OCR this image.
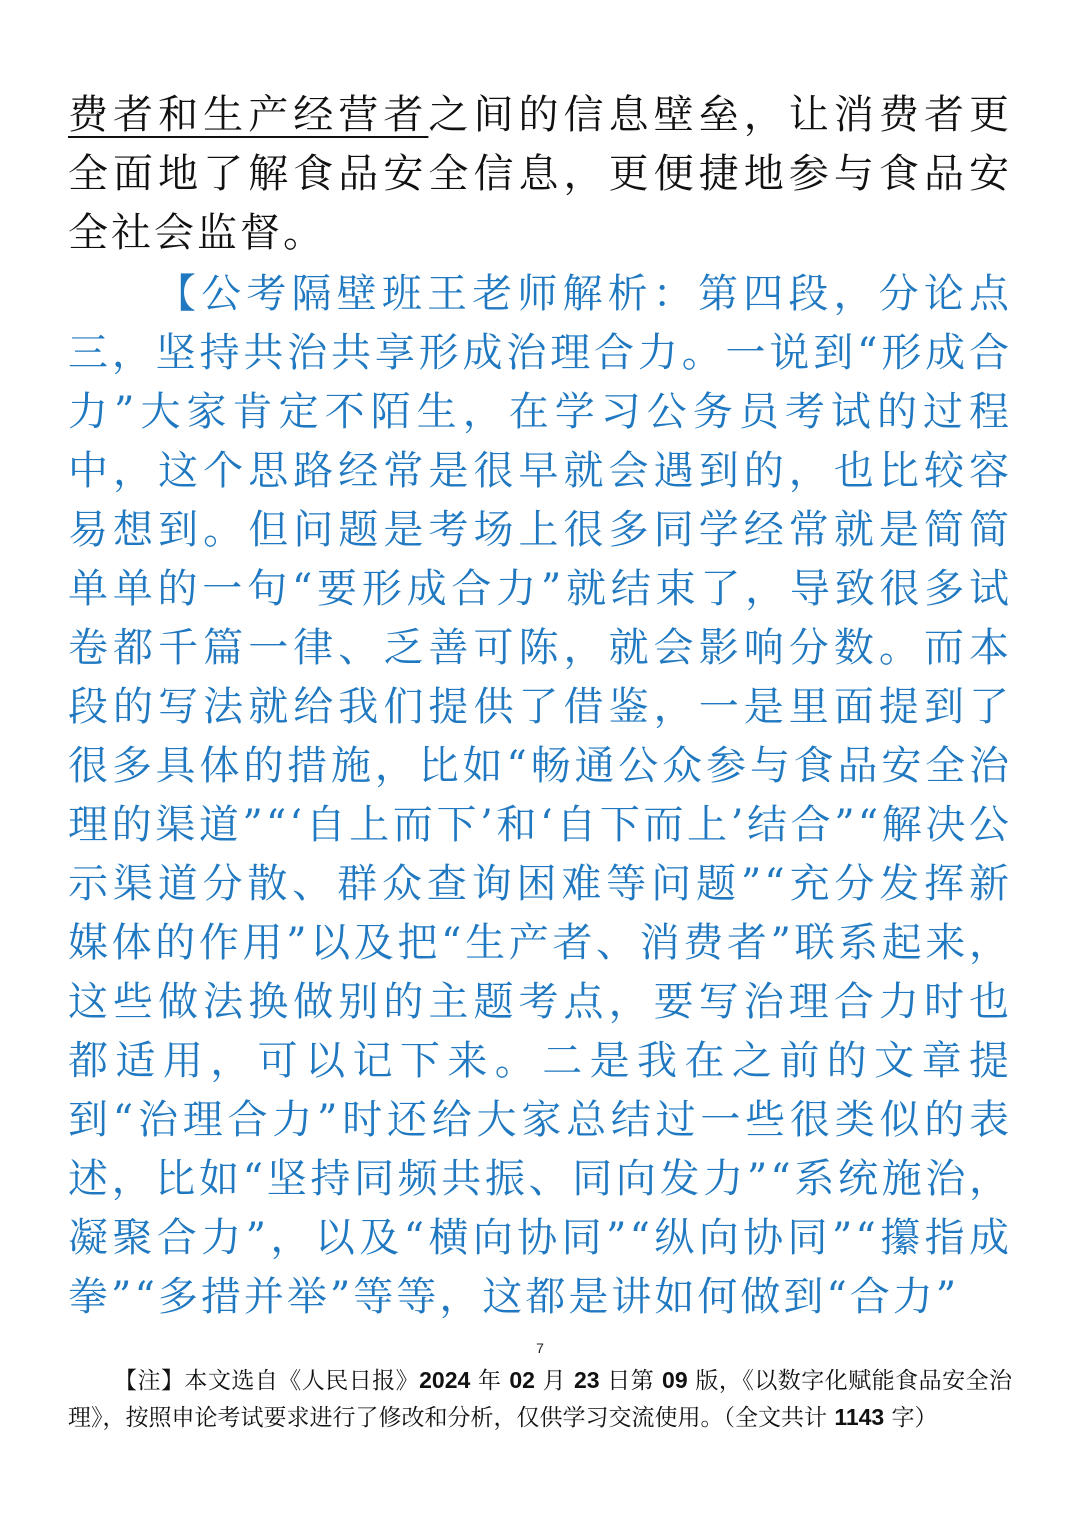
费者和生产经营者之间的信息壁垒，让消费者更全面地了解食品安全信息，更便捷地参与食品安全社会监督。

【公考隔壁班王老师解析：第四段，分论点三，坚持共治共享形成治理合力。一说到“形成合力”大家肯定不陌生，在学习公务员考试的过程中，这个思路经常是很早就会遇到的，也比较容易想到。但问题是考场上很多同学经常就是简简单单的一句“要形成合力”就结束了，导致很多试卷都千篇一律、乏善可陈，就会影响分数。而本段的写法就给我们提供了借鉴，一是里面提到了很多具体的措施，比如“畅通公众参与食品安全治理的渠道”“‘自上而下’和‘自下而上’结合”“解决公示渠道分散、群众查询困难等问题”“充分发挥新媒体的作用”以及把“生产者、消费者”联系起来，这些做法换做别的主题考点，要写治理合力时也都适用，可以记下来。二是我在之前的文章提到“治理合力”时还给大家总结过一些很类似的表述，比如“坚持同频共振、同向发力”“系统施治，凝聚合力”，以及“横向协同”“纵向协同”“攥指成拳”“多措并举”等等，这都是讲如何做到“合力”

7

【注】本文选自《人民日报》2024 年 02 月 23 日第 09 版，《以数字化赋能食品安全治理》，按照申论考试要求进行了修改和分析，仅供学习交流使用。（全文共计 1143 字）
